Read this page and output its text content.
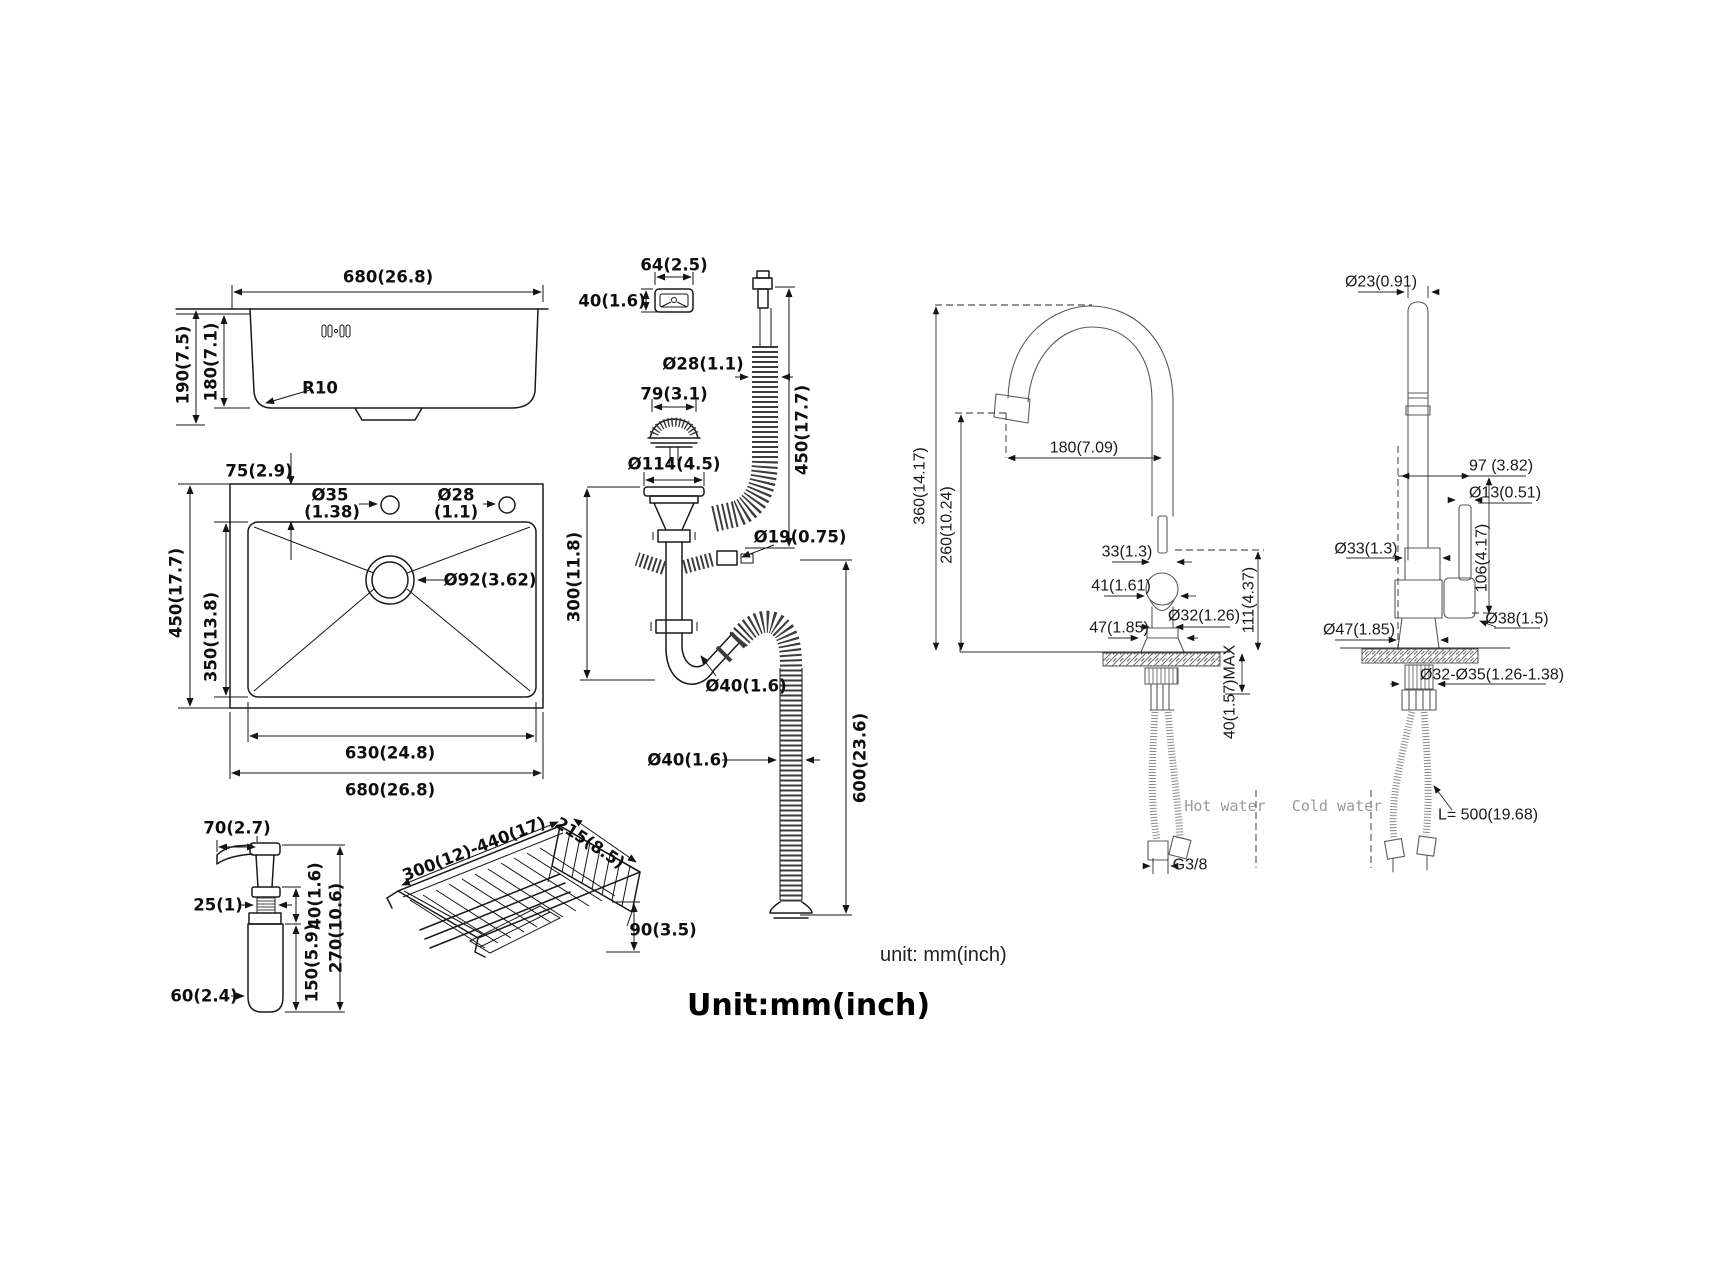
680(26.8)
190(7.5) 180(7.1)	R10
75(2.9)
Ø35
(1.38)
Ø28
(1.1)
Ø92(3.62)
450(17.7) 350(13.8)
630(24.8)
680(26.8)
64(2.5)
40(1.6)
79(3.1)
Ø114(4.5)
Ø28(1.1)
450(17.7)
300(11.8)	Ø19(0.75)
Ø40(1.6)
Ø40(1.6)	600(23.6)
70(2.7)
25(1)	40(1.6)
150(5.9) 270(10.6)
60(2.4)
300(12)-440(17) 215(8.5)
90(3.5)
Unit:mm(inch)
unit: mm(inch)
360(14.17)
260(10.24)
180(7.09)
33(1.3)
41(1.61)
47(1.85)
Ø32(1.26) 111(4.37)
40(1.57)MAX
G3/8
Ø23(0.91)
97 (3.82)
Ø13(0.51)
Ø33(1.3)	106(4.17)
Ø38(1.5)
Ø47(1.85)
Ø32-Ø35(1.26-1.38)
L= 500(19.68)
Hot water Cold water
